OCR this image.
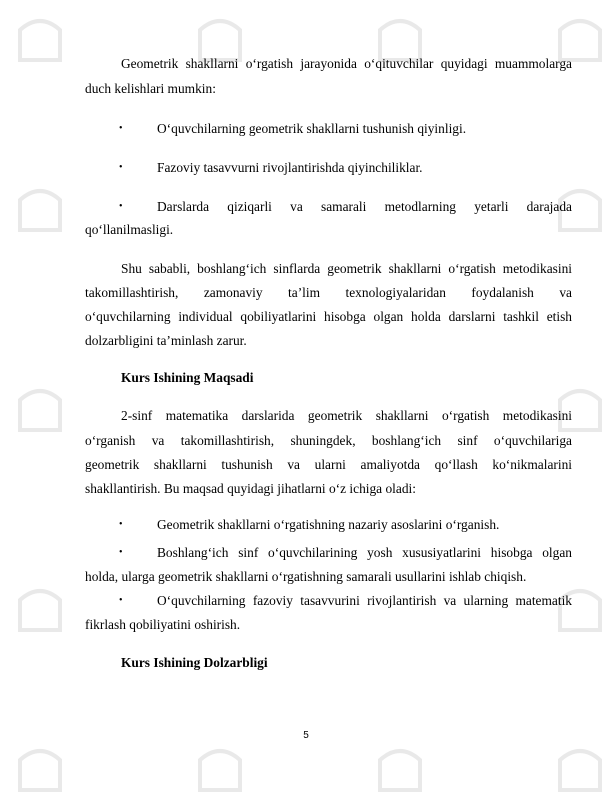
Geometrik shakllarni o‘rgatish jarayonida o‘qituvchilar quyidagi muammolarga
duch kelishlari mumkin:
•	O‘quvchilarning geometrik shakllarni tushunish qiyinligi.
•	Fazoviy tasavvurni rivojlantirishda qiyinchiliklar.
•	Darslarda qiziqarli va samarali metodlarning yetarli darajada
qo‘llanilmasligi.
Shu sababli, boshlang‘ich sinflarda geometrik shakllarni o‘rgatish metodikasini
takomillashtirish, zamonaviy ta’lim texnologiyalaridan foydalanish va
o‘quvchilarning individual qobiliyatlarini hisobga olgan holda darslarni tashkil etish
dolzarbligini ta’minlash zarur.
Kurs Ishining Maqsadi
2-sinf matematika darslarida geometrik shakllarni o‘rgatish metodikasini
o‘rganish va takomillashtirish, shuningdek, boshlang‘ich sinf o‘quvchilariga
geometrik shakllarni tushunish va ularni amaliyotda qo‘llash ko‘nikmalarini
shakllantirish. Bu maqsad quyidagi jihatlarni o‘z ichiga oladi:
•	Geometrik shakllarni o‘rgatishning nazariy asoslarini o‘rganish.
•	Boshlang‘ich sinf o‘quvchilarining yosh xususiyatlarini hisobga olgan
holda, ularga geometrik shakllarni o‘rgatishning samarali usullarini ishlab chiqish.
•	O‘quvchilarning fazoviy tasavvurini rivojlantirish va ularning matematik
fikrlash qobiliyatini oshirish.
Kurs Ishining Dolzarbligi
5
